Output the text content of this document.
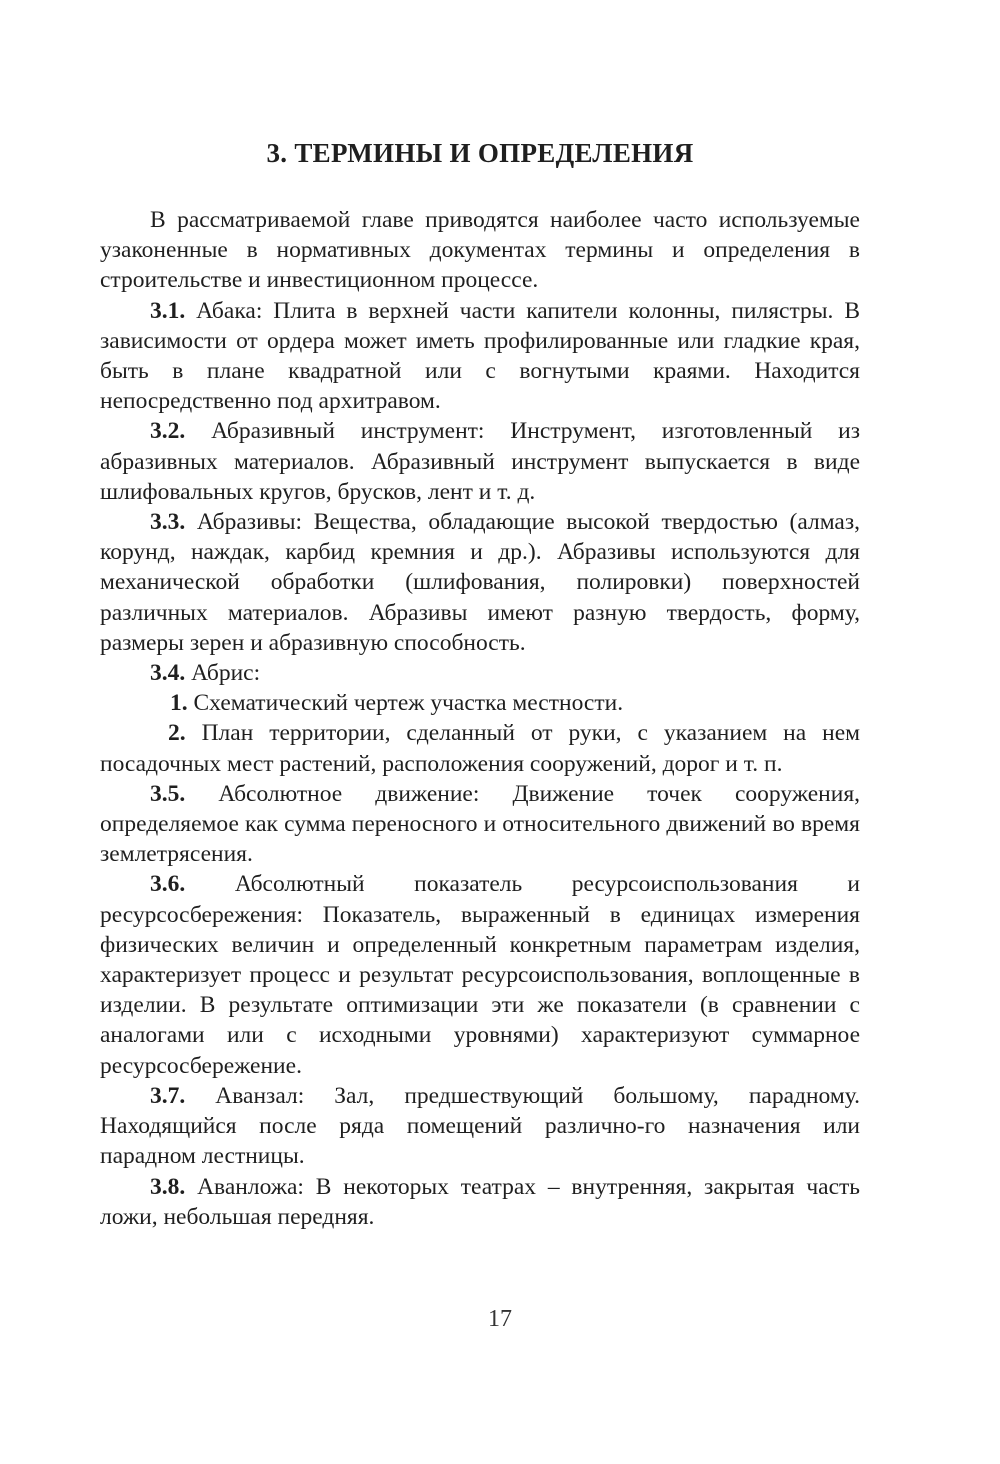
3. ТЕРМИНЫ И ОПРЕДЕЛЕНИЯ

В рассматриваемой главе приводятся наиболее часто используемые узаконенные в нормативных документах термины и определения в строительстве и инвестиционном процессе.

3.1. Абака: Плита в верхней части капители колонны, пилястры. В зависимости от ордера может иметь профилированные или гладкие края, быть в плане квадратной или с вогнутыми краями. Находится непосредственно под архитравом.

3.2. Абразивный инструмент: Инструмент, изготовленный из абразивных материалов. Абразивный инструмент выпускается в виде шлифовальных кругов, брусков, лент и т. д.

3.3. Абразивы: Вещества, обладающие высокой твердостью (алмаз, корунд, наждак, карбид кремния и др.). Абразивы используются для механической обработки (шлифования, полировки) поверхностей различных материалов. Абразивы имеют разную твердость, форму, размеры зерен и абразивную способность.

3.4. Абрис:

1. Схематический чертеж участка местности.

2. План территории, сделанный от руки, с указанием на нем посадочных мест растений, расположения сооружений, дорог и т. п.

3.5. Абсолютное движение: Движение точек сооружения, определяемое как сумма переносного и относительного движений во время землетрясения.

3.6. Абсолютный показатель ресурсоиспользования и ресурсосбережения: Показатель, выраженный в единицах измерения физических величин и определенный конкретным параметрам изделия, характеризует процесс и результат ресурсоиспользования, воплощенные в изделии. В результате оптимизации эти же показатели (в сравнении с аналогами или с исходными уровнями) характеризуют суммарное ресурсосбережение.

3.7. Аванзал: Зал, предшествующий большому, парадному. Находящийся после ряда помещений различно-го назначения или парадном лестницы.

3.8. Аванложа: В некоторых театрах – внутренняя, закрытая часть ложи, небольшая передняя.

17
